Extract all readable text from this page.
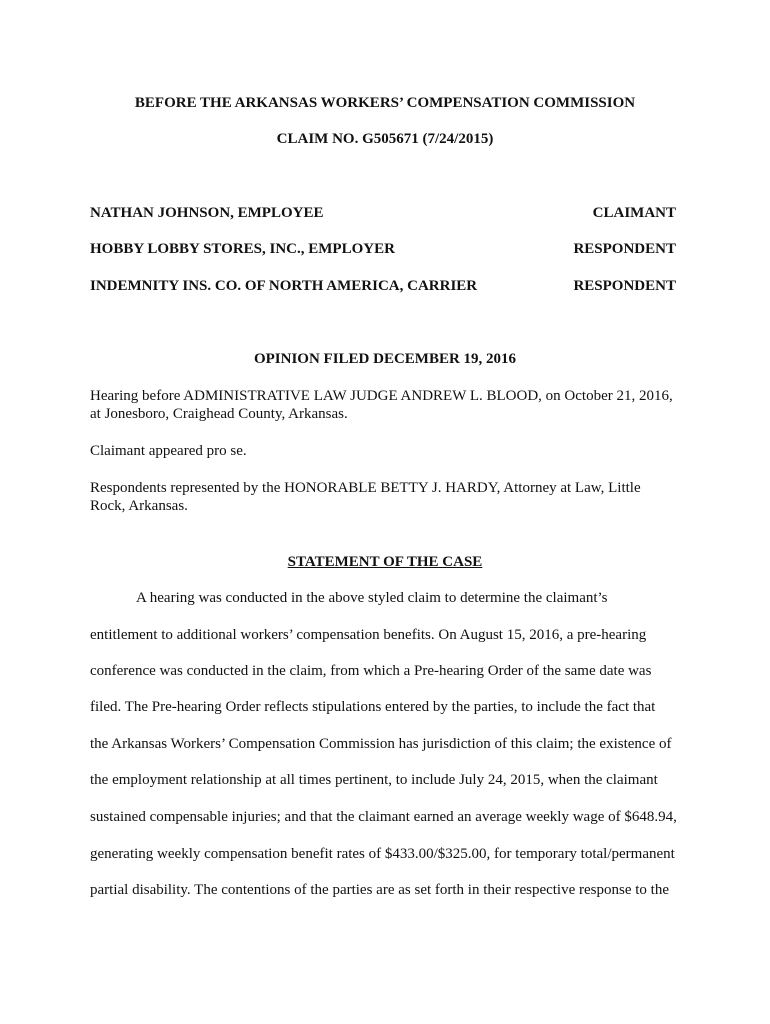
BEFORE THE ARKANSAS WORKERS’ COMPENSATION COMMISSION
CLAIM NO. G505671 (7/24/2015)
NATHAN JOHNSON, EMPLOYEE	CLAIMANT
HOBBY LOBBY STORES, INC., EMPLOYER	RESPONDENT
INDEMNITY INS. CO. OF NORTH AMERICA, CARRIER	RESPONDENT
OPINION FILED DECEMBER 19, 2016
Hearing before ADMINISTRATIVE LAW JUDGE ANDREW L. BLOOD, on October 21, 2016,
at Jonesboro, Craighead County, Arkansas.
Claimant appeared pro se.
Respondents represented by the HONORABLE BETTY J. HARDY, Attorney at Law, Little
Rock, Arkansas.
STATEMENT OF THE CASE
A hearing was conducted in the above styled claim to determine the claimant’s
entitlement to additional workers’ compensation benefits. On August 15, 2016, a pre-hearing
conference was conducted in the claim, from which a Pre-hearing Order of the same date was
filed. The Pre-hearing Order reflects stipulations entered by the parties, to include the fact that
the Arkansas Workers’ Compensation Commission has jurisdiction of this claim; the existence of
the employment relationship at all times pertinent, to include July 24, 2015, when the claimant
sustained compensable injuries; and that the claimant earned an average weekly wage of $648.94,
generating weekly compensation benefit rates of $433.00/$325.00, for temporary total/permanent
partial disability. The contentions of the parties are as set forth in their respective response to the
